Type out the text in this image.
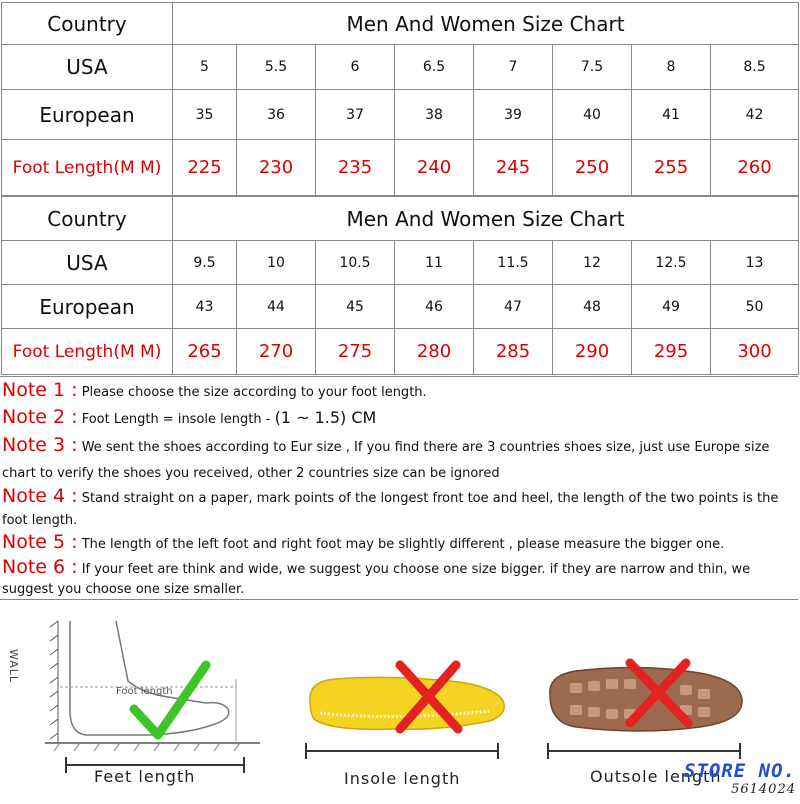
Country	Men And Women Size Chart							
USA	5	5.5	6	6.5	7	7.5	8	8.5
European	35	36	37	38	39	40	41	42
Foot Length(M M)	225	230	235	240	245	250	255	260
Country	Men And Women Size Chart							
USA	9.5	10	10.5	11	11.5	12	12.5	13
European	43	44	45	46	47	48	49	50
Foot Length(M M)	265	270	275	280	285	290	295	300
Note 1 : Please choose the size according to your foot length.
Note 2 : Foot Length = insole length - (1 ~ 1.5) CM
Note 3 : We sent the shoes according to Eur size , If you find there are 3 countries shoes size, just use Europe size chart to verify the shoes you received, other 2 countries size can be ignored
Note 4 : Stand straight on a paper, mark points of the longest front toe and heel, the length of the two points is the foot length.
Note 5 : The length of the left foot and right foot may be slightly different , please measure the bigger one.
Note 6 : If your feet are think and wide, we suggest you choose one size bigger. if they are narrow and thin, we suggest you choose one size smaller.
WALL
Foot length
Feet length	Insole length	Outsole length
STORE NO.
5614024
